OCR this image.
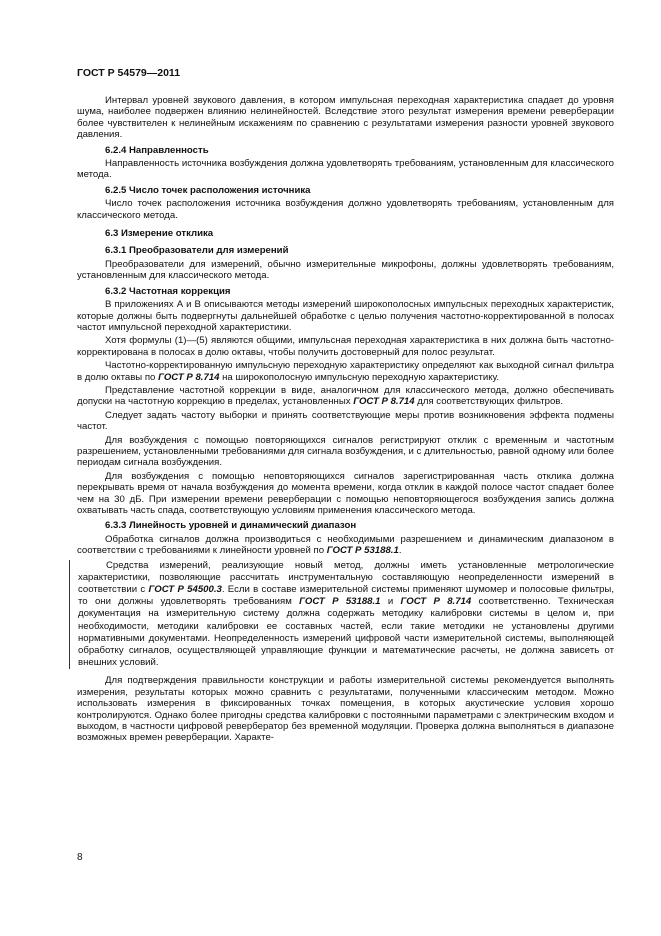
ГОСТ Р 54579—2011
Интервал уровней звукового давления, в котором импульсная переходная характеристика спадает до уровня шума, наиболее подвержен влиянию нелинейностей. Вследствие этого результат измерения времени реверберации более чувствителен к нелинейным искажениям по сравнению с результатами измерения разности уровней звукового давления.
6.2.4 Направленность
Направленность источника возбуждения должна удовлетворять требованиям, установленным для классического метода.
6.2.5 Число точек расположения источника
Число точек расположения источника возбуждения должно удовлетворять требованиям, установленным для классического метода.
6.3 Измерение отклика
6.3.1 Преобразователи для измерений
Преобразователи для измерений, обычно измерительные микрофоны, должны удовлетворять требованиям, установленным для классического метода.
6.3.2 Частотная коррекция
В приложениях А и В описываются методы измерений широкополосных импульсных переходных характеристик, которые должны быть подвергнуты дальнейшей обработке с целью получения частотно-корректированной в полосах частот импульсной переходной характеристики.
Хотя формулы (1)—(5) являются общими, импульсная переходная характеристика в них должна быть частотно-корректирована в полосах в долю октавы, чтобы получить достоверный для полос результат.
Частотно-корректированную импульсную переходную характеристику определяют как выходной сигнал фильтра в долю октавы по ГОСТ Р 8.714 на широкополосную импульсную переходную характеристику.
Представление частотной коррекции в виде, аналогичном для классического метода, должно обеспечивать допуски на частотную коррекцию в пределах, установленных ГОСТ Р 8.714 для соответствующих фильтров.
Следует задать частоту выборки и принять соответствующие меры против возникновения эффекта подмены частот.
Для возбуждения с помощью повторяющихся сигналов регистрируют отклик с временным и частотным разрешением, установленными требованиями для сигнала возбуждения, и с длительностью, равной одному или более периодам сигнала возбуждения.
Для возбуждения с помощью неповторяющихся сигналов зарегистрированная часть отклика должна перекрывать время от начала возбуждения до момента времени, когда отклик в каждой полосе частот спадает более чем на 30 дБ. При измерении времени реверберации с помощью неповторяющегося возбуждения запись должна охватывать часть спада, соответствующую условиям применения классического метода.
6.3.3 Линейность уровней и динамический диапазон
Обработка сигналов должна производиться с необходимыми разрешением и динамическим диапазоном в соответствии с требованиями к линейности уровней по ГОСТ Р 53188.1.
Средства измерений, реализующие новый метод, должны иметь установленные метрологические характеристики, позволяющие рассчитать инструментальную составляющую неопределенности измерений в соответствии с ГОСТ Р 54500.3. Если в составе измерительной системы применяют шумомер и полосовые фильтры, то они должны удовлетворять требованиям ГОСТ Р 53188.1 и ГОСТ Р 8.714 соответственно. Техническая документация на измерительную систему должна содержать методику калибровки системы в целом и, при необходимости, методики калибровки ее составных частей, если такие методики не установлены другими нормативными документами. Неопределенность измерений цифровой части измерительной системы, выполняющей обработку сигналов, осуществляющей управляющие функции и математические расчеты, не должна зависеть от внешних условий.
Для подтверждения правильности конструкции и работы измерительной системы рекомендуется выполнять измерения, результаты которых можно сравнить с результатами, полученными классическим методом. Можно использовать измерения в фиксированных точках помещения, в которых акустические условия хорошо контролируются. Однако более пригодны средства калибровки с постоянными параметрами с электрическим входом и выходом, в частности цифровой ревербератор без временной модуляции. Проверка должна выполняться в диапазоне возможных времен реверберации. Характе-
8
